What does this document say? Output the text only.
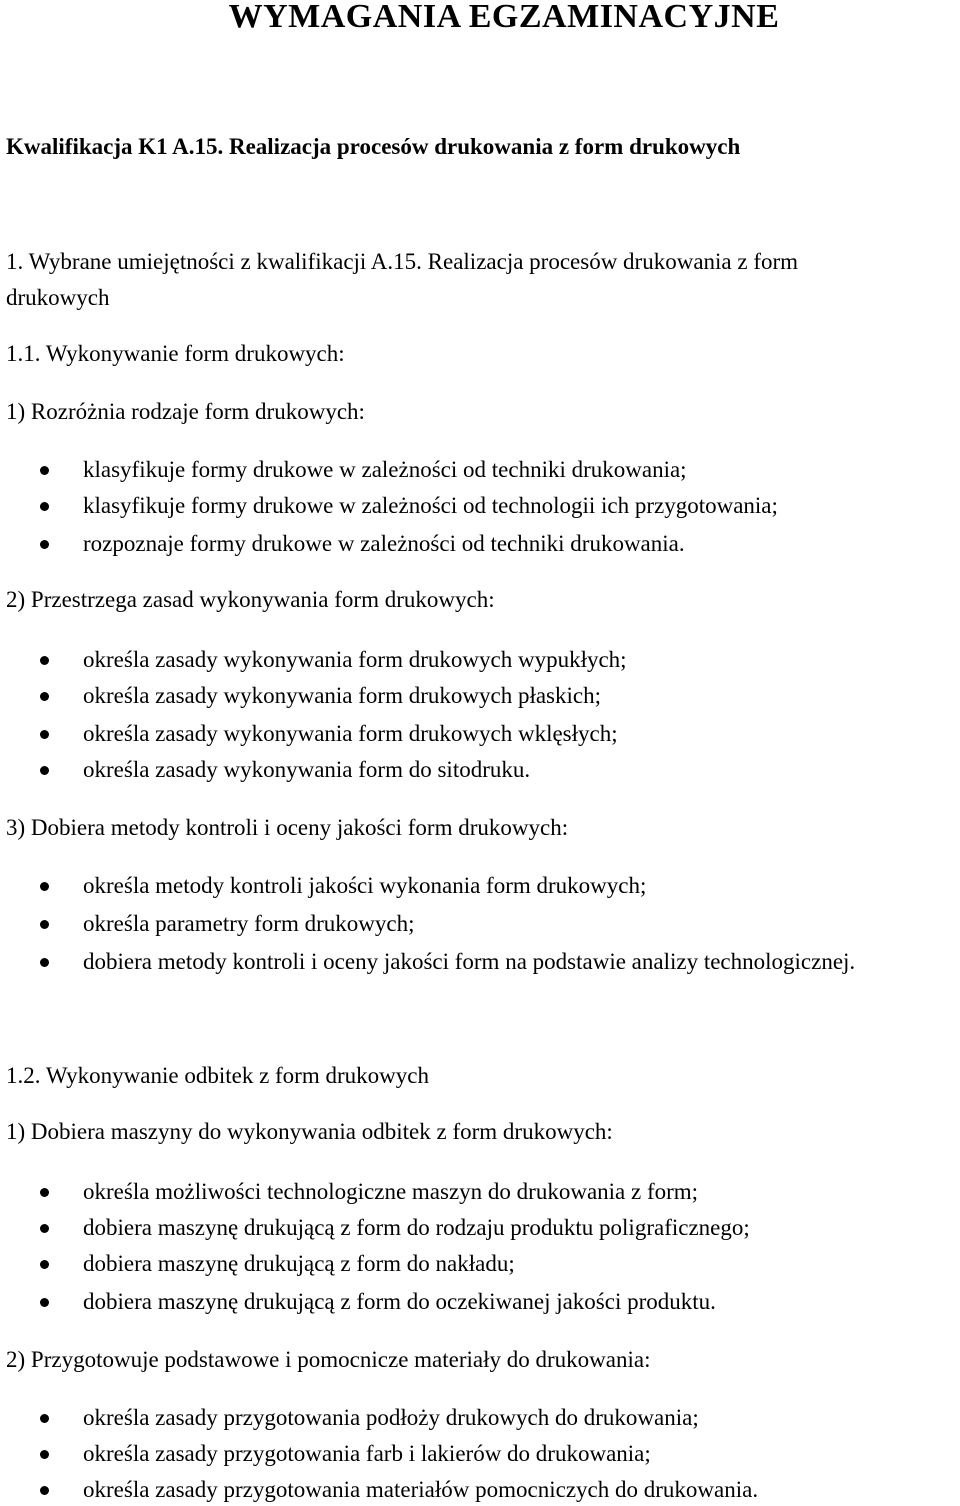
WYMAGANIA EGZAMINACYJNE
Kwalifikacja K1 A.15. Realizacja procesów drukowania z form drukowych
1. Wybrane umiejętności z kwalifikacji A.15. Realizacja procesów drukowania z form
drukowych
1.1. Wykonywanie form drukowych:
1) Rozróżnia rodzaje form drukowych:
klasyfikuje formy drukowe w zależności od techniki drukowania;
klasyfikuje formy drukowe w zależności od technologii ich przygotowania;
rozpoznaje formy drukowe w zależności od techniki drukowania.
2) Przestrzega zasad wykonywania form drukowych:
określa zasady wykonywania form drukowych wypukłych;
określa zasady wykonywania form drukowych płaskich;
określa zasady wykonywania form drukowych wklęsłych;
określa zasady wykonywania form do sitodruku.
3) Dobiera metody kontroli i oceny jakości form drukowych:
określa metody kontroli jakości wykonania form drukowych;
określa parametry form drukowych;
dobiera metody kontroli i oceny jakości form na podstawie analizy technologicznej.
1.2. Wykonywanie odbitek z form drukowych
1) Dobiera maszyny do wykonywania odbitek z form drukowych:
określa możliwości technologiczne maszyn do drukowania z form;
dobiera maszynę drukującą z form do rodzaju produktu poligraficznego;
dobiera maszynę drukującą z form do nakładu;
dobiera maszynę drukującą z form do oczekiwanej jakości produktu.
2) Przygotowuje podstawowe i pomocnicze materiały do drukowania:
określa zasady przygotowania podłoży drukowych do drukowania;
określa zasady przygotowania farb i lakierów do drukowania;
określa zasady przygotowania materiałów pomocniczych do drukowania.
